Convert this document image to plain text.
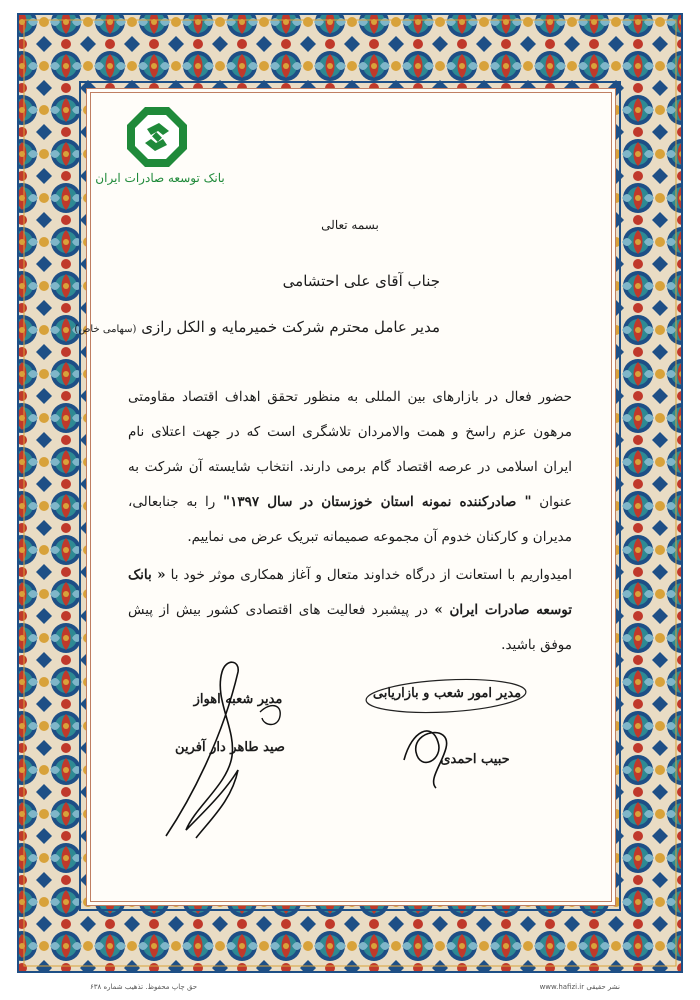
بانک توسعه صادرات ایران
بسمه تعالی
جناب آقای علی احتشامی
مدیر عامل محترم شرکت خمیرمایه و الکل رازی (سهامی خاص)
حضور فعال در بازارهای بین المللی به منظور تحقق اهداف اقتصاد مقاومتی مرهون عزم راسخ و همت والامردان تلاشگری است که در جهت اعتلای نام ایران اسلامی در عرصه اقتصاد گام برمی دارند. انتخاب شایسته آن شرکت به عنوان " صادرکننده نمونه استان خوزستان در سال ۱۳۹۷" را به جنابعالی، مدیران و کارکنان خدوم آن مجموعه صمیمانه تبریک عرض می نماییم.
امیدواریم با استعانت از درگاه خداوند متعال و آغاز همکاری موثر خود با « بانک توسعه صادرات ایران » در پیشبرد فعالیت های اقتصادی کشور بیش از پیش موفق باشید.
مدیر امور شعب و بازاریابی
حبیب احمدی
مدیر شعبه اهواز
صید طاهر دار آفرین
حق چاپ محفوظ. تذهیب شماره ۶۳۸	نشر حقیقی www.hafizi.ir
